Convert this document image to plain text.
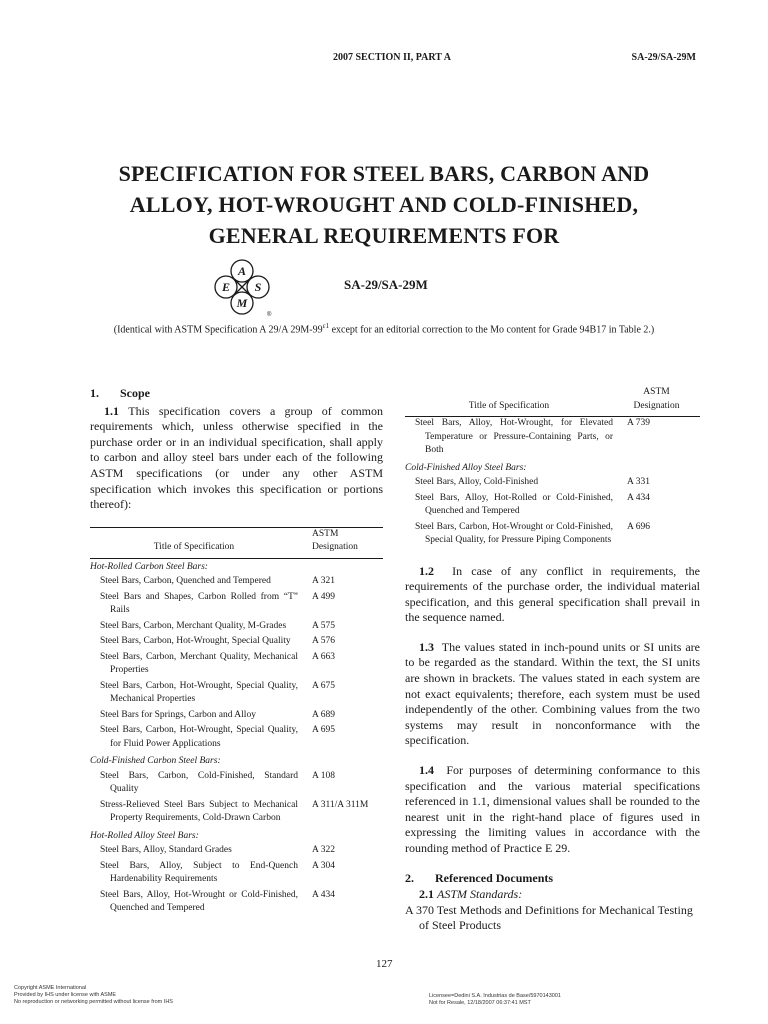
2007 SECTION II, PART A	SA-29/SA-29M
SPECIFICATION FOR STEEL BARS, CARBON AND
ALLOY, HOT-WROUGHT AND COLD-FINISHED,
GENERAL REQUIREMENTS FOR
A
E S
M
®
SA-29/SA-29M
(Identical with ASTM Specification A 29/A $29M-99^{\varepsilon 1}$ except for an editorial correction to the Mo content for Grade 94B17 in Table 2.)
1. Scope

1.1 This specification covers a group of common requirements which, unless otherwise specified in the purchase order or in an individual specification, shall apply to carbon and alloy steel bars under each of the following ASTM specifications (or under any other ASTM specification which invokes this specification or portions thereof):

Title of Specification	ASTM
Designation
Hot-Rolled Carbon Steel Bars:	

Steel Bars, Carbon, Quenched and Tempered	A 321

Steel Bars and Shapes, Carbon Rolled from “T” Rails	A 499

Steel Bars, Carbon, Merchant Quality, M-Grades	A 575

Steel Bars, Carbon, Hot-Wrought, Special Quality	A 576

Steel Bars, Carbon, Merchant Quality, Mechanical Properties	A 663

Steel Bars, Carbon, Hot-Wrought, Special Quality, Mechanical Properties	A 675

Steel Bars for Springs, Carbon and Alloy	A 689

Steel Bars, Carbon, Hot-Wrought, Special Quality, for Fluid Power Applications	A 695
Cold-Finished Carbon Steel Bars:	

Steel Bars, Carbon, Cold-Finished, Standard Quality	A 108

Stress-Relieved Steel Bars Subject to Mechanical Property Requirements, Cold-Drawn Carbon	A 311/A 311M
Hot-Rolled Alloy Steel Bars:	

Steel Bars, Alloy, Standard Grades	A 322

Steel Bars, Alloy, Subject to End-Quench Hardenability Requirements	A 304

Steel Bars, Alloy, Hot-Wrought or Cold-Finished, Quenched and Tempered	A 434
Title of Specification	ASTM
Designation

Steel Bars, Alloy, Hot-Wrought, for Elevated Temperature or Pressure-Containing Parts, or Both	A 739
Cold-Finished Alloy Steel Bars:	

Steel Bars, Alloy, Cold-Finished	A 331

Steel Bars, Alloy, Hot-Rolled or Cold-Finished, Quenched and Tempered	A 434

Steel Bars, Carbon, Hot-Wrought or Cold-Finished, Special Quality, for Pressure Piping Components	A 696

1.2 In case of any conflict in requirements, the requirements of the purchase order, the individual material specification, and this general specification shall prevail in the sequence named.

1.3 The values stated in inch-pound units or SI units are to be regarded as the standard. Within the text, the SI units are shown in brackets. The values stated in each system are not exact equivalents; therefore, each system must be used independently of the other. Combining values from the two systems may result in nonconformance with the specification.

1.4 For purposes of determining conformance to this specification and the various material specifications referenced in 1.1, dimensional values shall be rounded to the nearest unit in the right-hand place of figures used in expressing the limiting values in accordance with the rounding method of Practice E 29.

2. Referenced Documents

2.1 ASTM Standards:

A 370 Test Methods and Definitions for Mechanical Testing of Steel Products

127
Copyright ASME International
Provided by IHS under license with ASME
No reproduction or networking permitted without license from IHS
Licensee=Dedini S.A. Industrias de Base/5970143001
Not for Resale, 12/18/2007 06:37:41 MST
